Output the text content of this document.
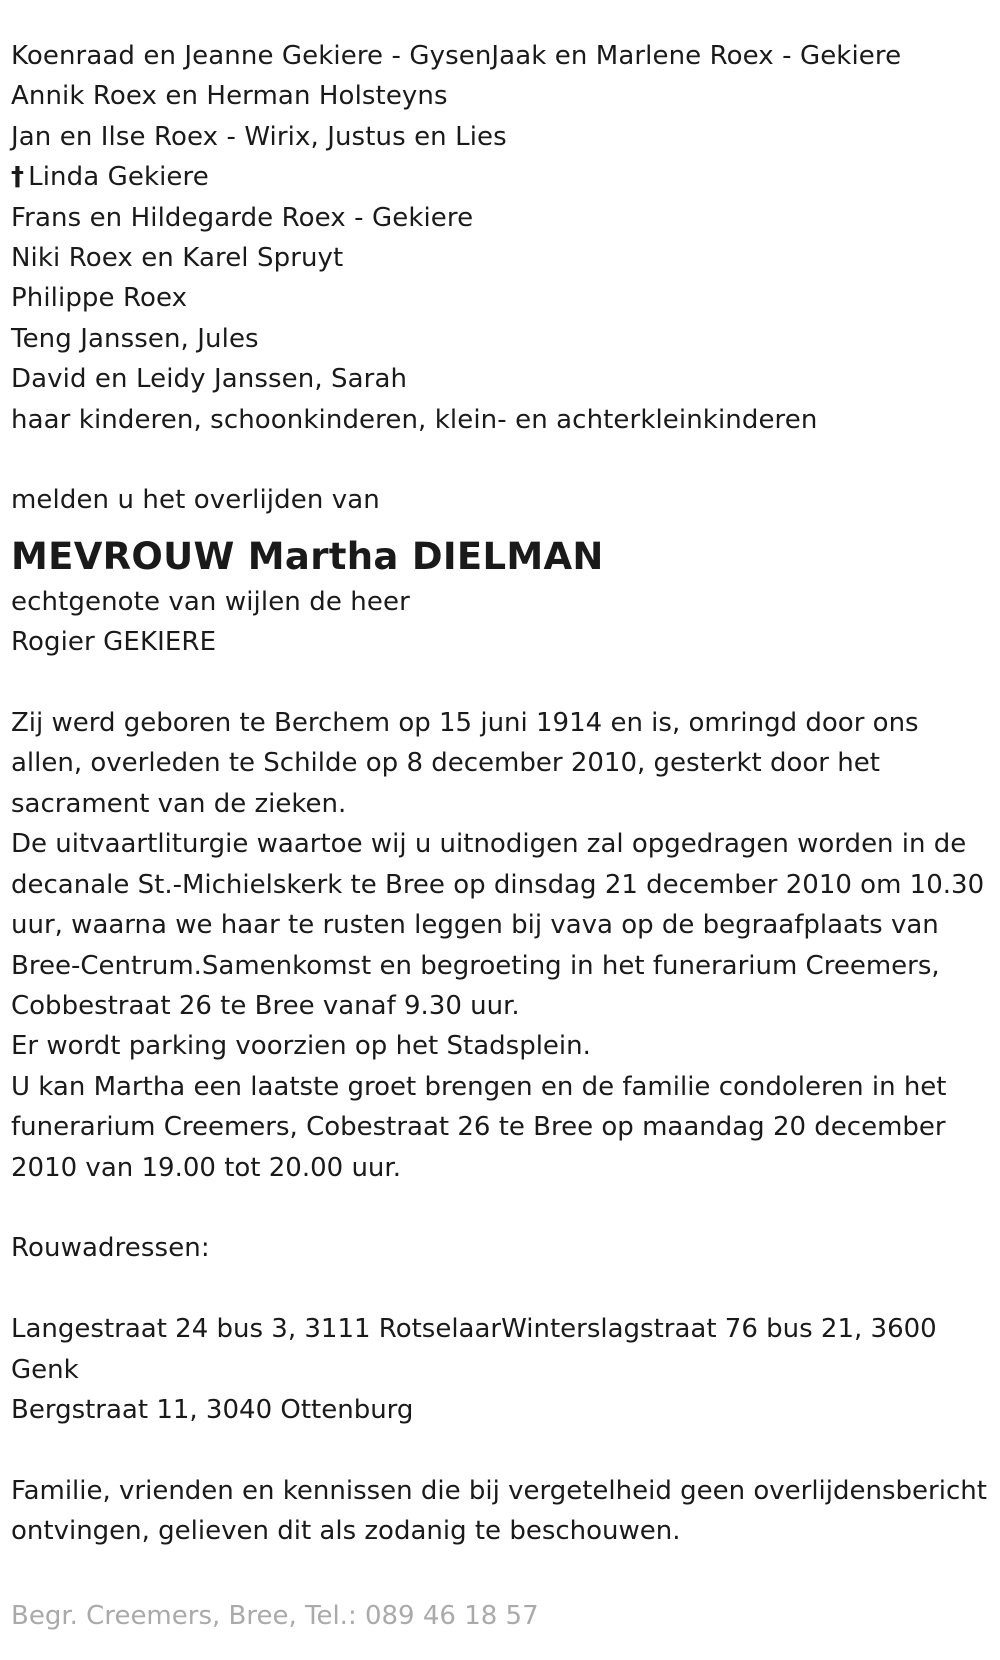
Koenraad en Jeanne Gekiere - GysenJaak en Marlene Roex - Gekiere
Annik Roex en Herman Holsteyns
Jan en Ilse Roex - Wirix, Justus en Lies
† Linda Gekiere
Frans en Hildegarde Roex - Gekiere
Niki Roex en Karel Spruyt
Philippe Roex
Teng Janssen, Jules
David en Leidy Janssen, Sarah
haar kinderen, schoonkinderen, klein- en achterkleinkinderen
melden u het overlijden van
MEVROUW Martha DIELMAN
echtgenote van wijlen de heer
Rogier GEKIERE
Zij werd geboren te Berchem op 15 juni 1914 en is, omringd door ons allen, overleden te Schilde op 8 december 2010, gesterkt door het sacrament van de zieken.
De uitvaartliturgie waartoe wij u uitnodigen zal opgedragen worden in de decanale St.-Michielskerk te Bree op dinsdag 21 december 2010 om 10.30 uur, waarna we haar te rusten leggen bij vava op de begraafplaats van Bree-Centrum.Samenkomst en begroeting in het funerarium Creemers, Cobbestraat 26 te Bree vanaf 9.30 uur.
Er wordt parking voorzien op het Stadsplein.
U kan Martha een laatste groet brengen en de familie condoleren in het funerarium Creemers, Cobestraat 26 te Bree op maandag 20 december 2010 van 19.00 tot 20.00 uur.
Rouwadressen:
Langestraat 24 bus 3, 3111 RotselaarWinterslagstraat 76 bus 21, 3600 Genk
Bergstraat 11, 3040 Ottenburg
Familie, vrienden en kennissen die bij vergetelheid geen overlijdensbericht ontvingen, gelieven dit als zodanig te beschouwen.
Begr. Creemers, Bree, Tel.: 089 46 18 57
